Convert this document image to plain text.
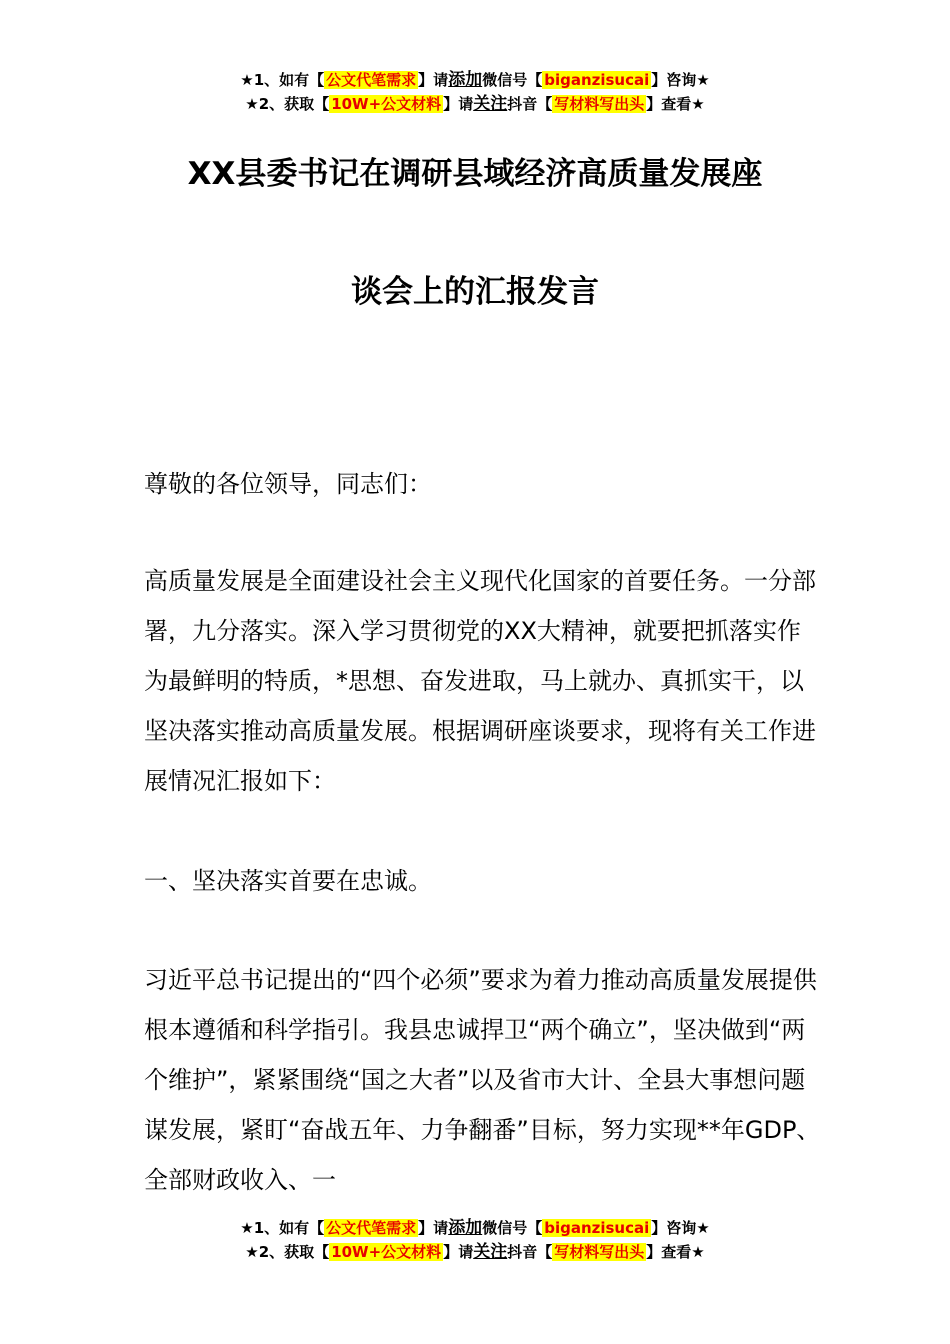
★1、如有【 公文代笔需求 】请添加微信号【 biganzisucai 】咨询★
★2、获取【 10W+公文材料 】请关注抖音【 写材料写出头 】查看★
XX县委书记在调研县域经济高质量发展座
谈会上的汇报发言

尊敬的各位领导，同志们：

高质量发展是全面建设社会主义现代化国家的首要任务。一分部署，九分落实。深入学习贯彻党的XX大精神，就要把抓落实作为最鲜明的特质，*思想、奋发进取，马上就办、真抓实干，以坚决落实推动高质量发展。根据调研座谈要求，现将有关工作进展情况汇报如下：

一、坚决落实首要在忠诚。

习近平总书记提出的“四个必须”要求为着力推动高质量发展提供根本遵循和科学指引。我县忠诚捍卫“两个确立”，坚决做到“两个维护”，紧紧围绕“国之大者”以及省市大计、全县大事想问题谋发展，紧盯“奋战五年、力争翻番”目标，努力实现**年GDP、全部财政收入、一

★1、如有【 公文代笔需求 】请添加微信号【 biganzisucai 】咨询★
★2、获取【 10W+公文材料 】请关注抖音【 写材料写出头 】查看★
